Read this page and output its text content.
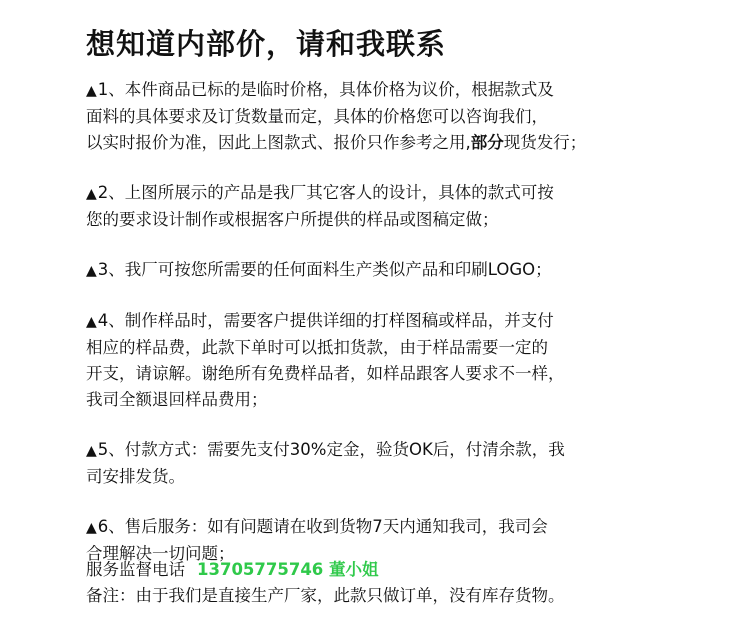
想知道内部价，请和我联系
▲1、本件商品已标的是临时价格，具体价格为议价，根据款式及
面料的具体要求及订货数量而定，具体的价格您可以咨询我们，
以实时报价为准，因此上图款式、报价只作参考之用,部分现货发行；
▲2、上图所展示的产品是我厂其它客人的设计，具体的款式可按
您的要求设计制作或根据客户所提供的样品或图稿定做；
▲3、我厂可按您所需要的任何面料生产类似产品和印刷LOGO；
▲4、制作样品时，需要客户提供详细的打样图稿或样品，并支付
相应的样品费，此款下单时可以抵扣货款，由于样品需要一定的
开支，请谅解。谢绝所有免费样品者，如样品跟客人要求不一样，
我司全额退回样品费用；
▲5、付款方式：需要先支付30%定金，验货OK后，付清余款，我
司安排发货。
▲6、售后服务：如有问题请在收到货物7天内通知我司，我司会
合理解决一切问题；
服务监督电话 13705775746 董小姐
备注：由于我们是直接生产厂家，此款只做订单，没有库存货物。
